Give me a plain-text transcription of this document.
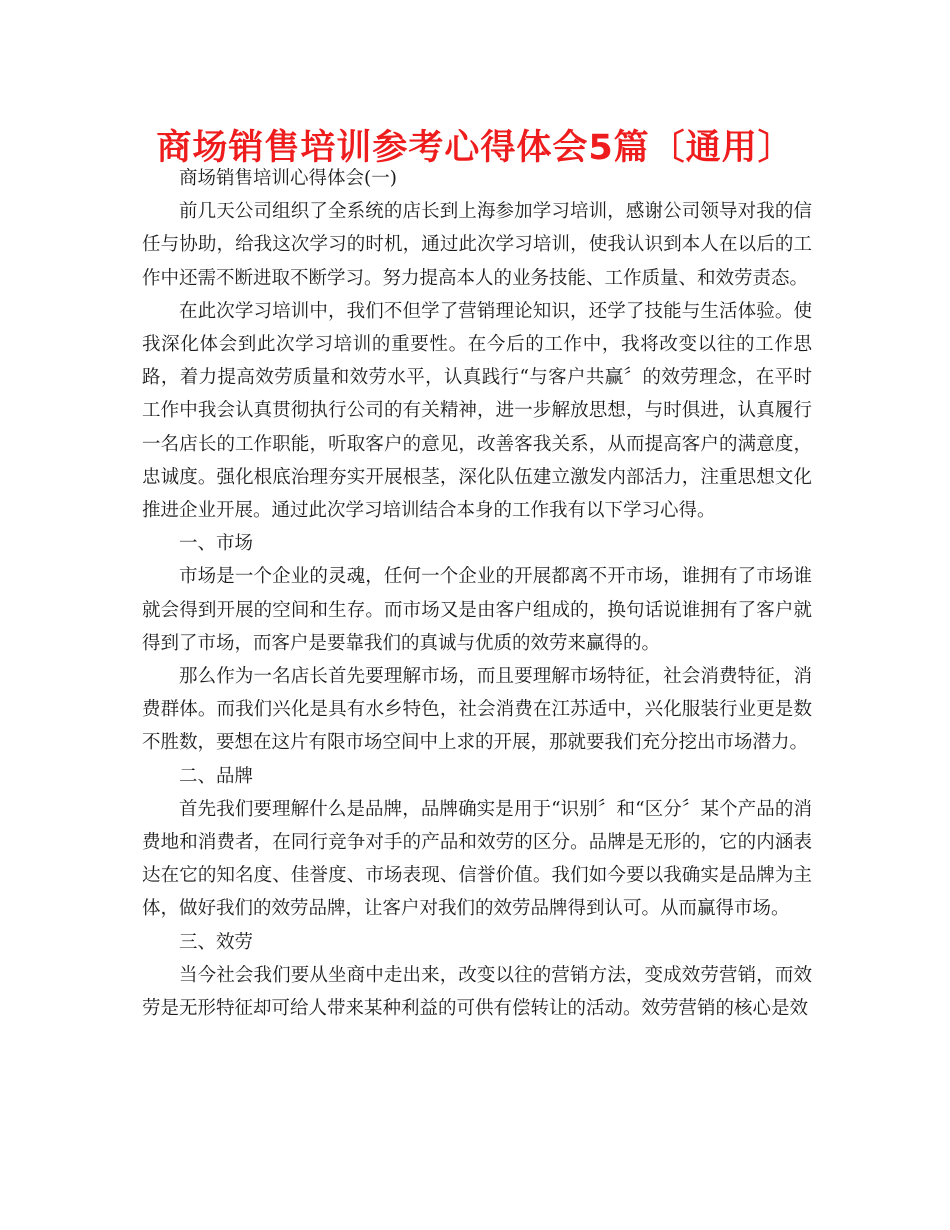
商场销售培训参考心得体会5篇〔通用〕

商场销售培训心得体会(一)

前几天公司组织了全系统的店长到上海参加学习培训，感谢公司领导对我的信任与协助，给我这次学习的时机，通过此次学习培训，使我认识到本人在以后的工作中还需不断进取不断学习。努力提高本人的业务技能、工作质量、和效劳责态。

在此次学习培训中，我们不但学了营销理论知识，还学了技能与生活体验。使我深化体会到此次学习培训的重要性。在今后的工作中，我将改变以往的工作思路，着力提高效劳质量和效劳水平，认真践行“与客户共赢〞的效劳理念，在平时工作中我会认真贯彻执行公司的有关精神，进一步解放思想，与时俱进，认真履行一名店长的工作职能，听取客户的意见，改善客我关系，从而提高客户的满意度，忠诚度。强化根底治理夯实开展根茎，深化队伍建立激发内部活力，注重思想文化推进企业开展。通过此次学习培训结合本身的工作我有以下学习心得。

一、市场

市场是一个企业的灵魂，任何一个企业的开展都离不开市场，谁拥有了市场谁就会得到开展的空间和生存。而市场又是由客户组成的，换句话说谁拥有了客户就得到了市场，而客户是要靠我们的真诚与优质的效劳来赢得的。

那么作为一名店长首先要理解市场，而且要理解市场特征，社会消费特征，消费群体。而我们兴化是具有水乡特色，社会消费在江苏适中，兴化服装行业更是数不胜数，要想在这片有限市场空间中上求的开展，那就要我们充分挖出市场潜力。

二、品牌

首先我们要理解什么是品牌，品牌确实是用于“识别〞和“区分〞某个产品的消费地和消费者，在同行竞争对手的产品和效劳的区分。品牌是无形的，它的内涵表达在它的知名度、佳誉度、市场表现、信誉价值。我们如今要以我确实是品牌为主体，做好我们的效劳品牌，让客户对我们的效劳品牌得到认可。从而赢得市场。

三、效劳

当今社会我们要从坐商中走出来，改变以往的营销方法，变成效劳营销，而效劳是无形特征却可给人带来某种利益的可供有偿转让的活动。效劳营销的核心是效
